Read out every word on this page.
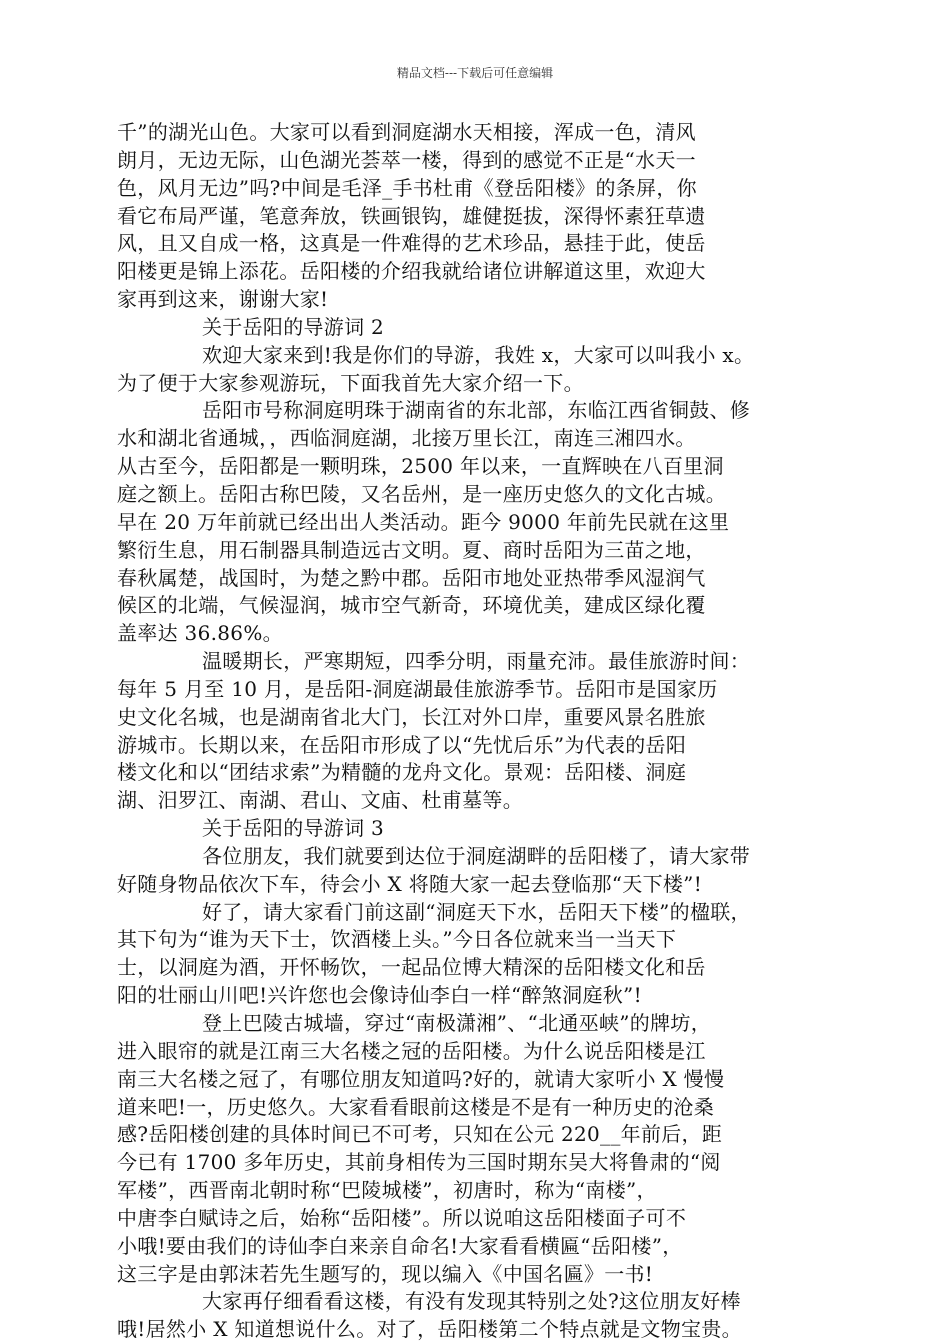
精品文档---下载后可任意编辑
千”的湖光山色。大家可以看到洞庭湖水天相接，浑成一色，清风
朗月，无边无际，山色湖光荟萃一楼，得到的感觉不正是“水天一
色，风月无边”吗?中间是毛泽_手书杜甫《登岳阳楼》的条屏，你
看它布局严谨，笔意奔放，铁画银钩，雄健挺拔，深得怀素狂草遗
风，且又自成一格，这真是一件难得的艺术珍品，悬挂于此，使岳
阳楼更是锦上添花。岳阳楼的介绍我就给诸位讲解道这里，欢迎大
家再到这来，谢谢大家!
关于岳阳的导游词 2
欢迎大家来到!我是你们的导游，我姓 x，大家可以叫我小 x。
为了便于大家参观游玩，下面我首先大家介绍一下。
岳阳市号称洞庭明珠于湖南省的东北部，东临江西省铜鼓、修
水和湖北省通城，，西临洞庭湖，北接万里长江，南连三湘四水。
从古至今，岳阳都是一颗明珠，2500 年以来，一直辉映在八百里洞
庭之额上。岳阳古称巴陵，又名岳州，是一座历史悠久的文化古城。
早在 20 万年前就已经出出人类活动。距今 9000 年前先民就在这里
繁衍生息，用石制器具制造远古文明。夏、商时岳阳为三苗之地，
春秋属楚，战国时，为楚之黔中郡。岳阳市地处亚热带季风湿润气
候区的北端，气候湿润，城市空气新奇，环境优美，建成区绿化覆
盖率达 36.86%。
温暖期长，严寒期短，四季分明，雨量充沛。最佳旅游时间：
每年 5 月至 10 月，是岳阳-洞庭湖最佳旅游季节。岳阳市是国家历
史文化名城，也是湖南省北大门，长江对外口岸，重要风景名胜旅
游城市。长期以来，在岳阳市形成了以“先忧后乐”为代表的岳阳
楼文化和以“团结求索”为精髓的龙舟文化。景观：岳阳楼、洞庭
湖、汨罗江、南湖、君山、文庙、杜甫墓等。
关于岳阳的导游词 3
各位朋友，我们就要到达位于洞庭湖畔的岳阳楼了，请大家带
好随身物品依次下车，待会小 X 将随大家一起去登临那“天下楼”!
好了，请大家看门前这副“洞庭天下水，岳阳天下楼”的楹联，
其下句为“谁为天下士，饮酒楼上头。”今日各位就来当一当天下
士，以洞庭为酒，开怀畅饮，一起品位博大精深的岳阳楼文化和岳
阳的壮丽山川吧!兴许您也会像诗仙李白一样“醉煞洞庭秋”!
登上巴陵古城墙，穿过“南极潇湘”、“北通巫峡”的牌坊，
进入眼帘的就是江南三大名楼之冠的岳阳楼。为什么说岳阳楼是江
南三大名楼之冠了，有哪位朋友知道吗?好的，就请大家听小 X 慢慢
道来吧!一，历史悠久。大家看看眼前这楼是不是有一种历史的沧桑
感?岳阳楼创建的具体时间已不可考，只知在公元 220__年前后，距
今已有 1700 多年历史，其前身相传为三国时期东吴大将鲁肃的“阅
军楼”，西晋南北朝时称“巴陵城楼”，初唐时，称为“南楼”，
中唐李白赋诗之后，始称“岳阳楼”。所以说咱这岳阳楼面子可不
小哦!要由我们的诗仙李白来亲自命名!大家看看横匾“岳阳楼”，
这三字是由郭沫若先生题写的，现以编入《中国名匾》一书!
大家再仔细看看这楼，有没有发现其特别之处?这位朋友好棒
哦!居然小 X 知道想说什么。对了，岳阳楼第二个特点就是文物宝贵。
